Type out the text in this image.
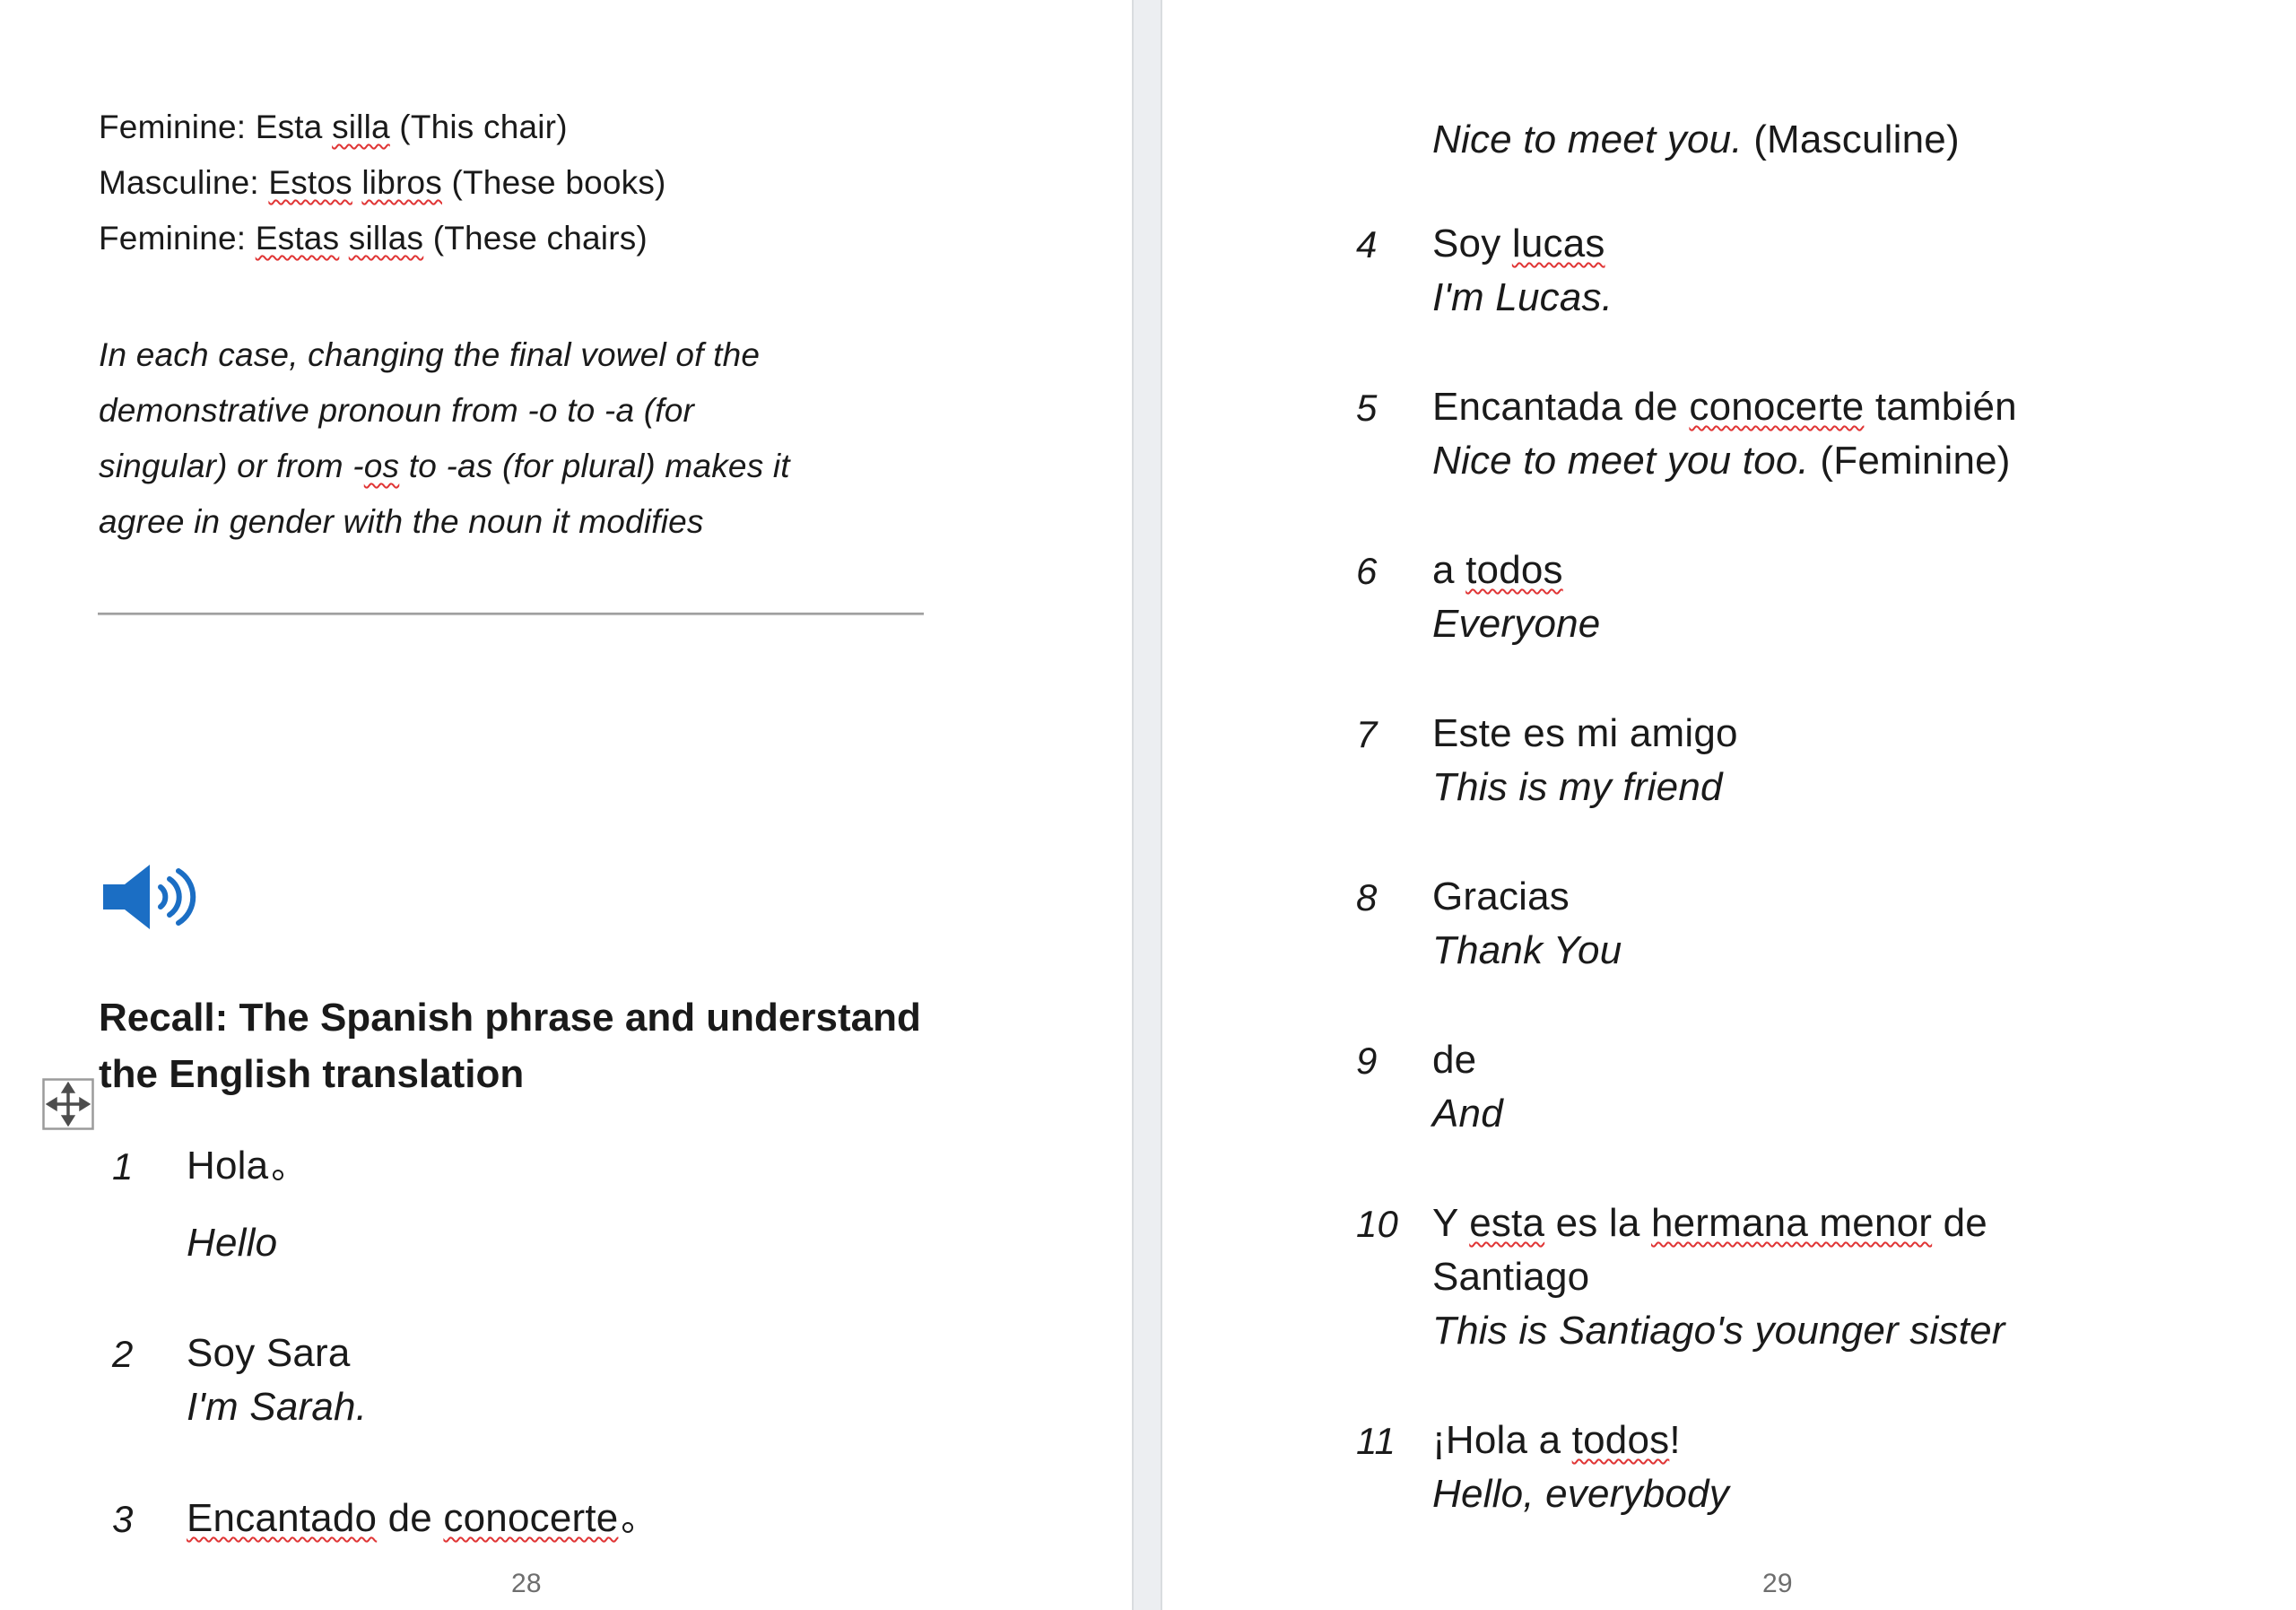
28	29
Feminine: Esta silla (This chair)
Masculine: Estos libros (These books)
Feminine: Estas sillas (These chairs)
In each case, changing the final vowel of the
demonstrative pronoun from -o to -a (for
singular) or from -os to -as (for plural) makes it
agree in gender with the noun it modifies
Recall: The Spanish phrase and understand
the English translation
1 Hola
Hello
2 Soy Sara
I'm Sarah.
3 Encantado de conocerte
Nice to meet you. (Masculine)
4 Soy lucas
I'm Lucas.
5 Encantada de conocerte también
Nice to meet you too. (Feminine)
6 a todos
Everyone
7 Este es mi amigo
This is my friend
8 Gracias
Thank You
9 de
And
10 Y esta es la hermana menor de
Santiago
This is Santiago's younger sister
11 ¡Hola a todos!
Hello, everybody
